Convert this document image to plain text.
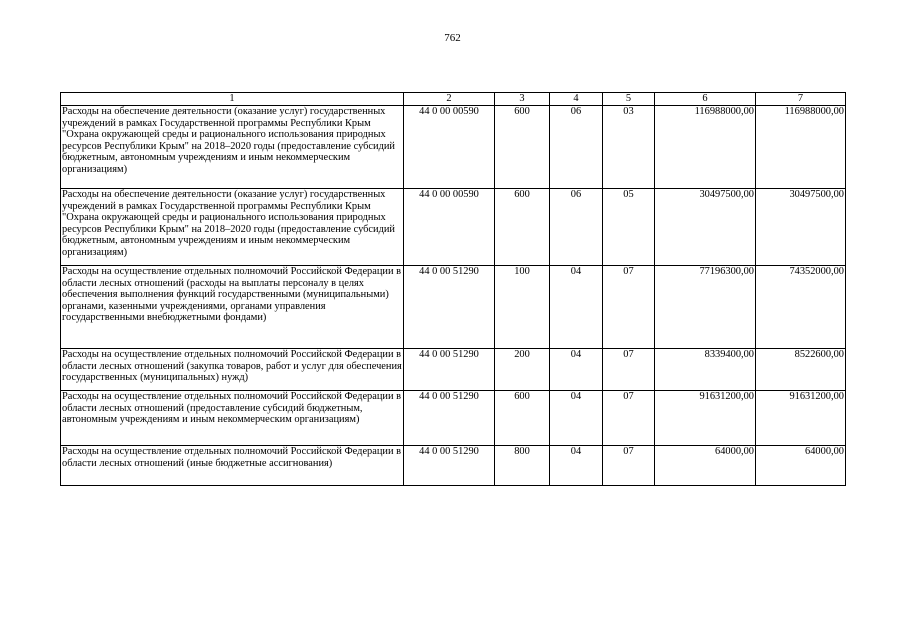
762
1	2	3	4	5	6	7
Расходы на обеспечение деятельности (оказание услуг) государственных учреждений в рамках Государственной программы Республики Крым "Охрана окружающей среды и рационального использования природных ресурсов Республики Крым" на 2018–2020 годы (предоставление субсидий бюджетным, автономным учреждениям и иным некоммерческим организациям)	44 0 00 00590	600	06	03	116988000,00	116988000,00
Расходы на обеспечение деятельности (оказание услуг) государственных учреждений в рамках Государственной программы Республики Крым "Охрана окружающей среды и рационального использования природных ресурсов Республики Крым" на 2018–2020 годы (предоставление субсидий бюджетным, автономным учреждениям и иным некоммерческим организациям)	44 0 00 00590	600	06	05	30497500,00	30497500,00
Расходы на осуществление отдельных полномочий Российской Федерации в области лесных отношений (расходы на выплаты персоналу в целях обеспечения выполнения функций государственными (муниципальными) органами, казенными учреждениями, органами управления государственными внебюджетными фондами)	44 0 00 51290	100	04	07	77196300,00	74352000,00
Расходы на осуществление отдельных полномочий Российской Федерации в области лесных отношений (закупка товаров, работ и услуг для обеспечения государственных (муниципальных) нужд)	44 0 00 51290	200	04	07	8339400,00	8522600,00
Расходы на осуществление отдельных полномочий Российской Федерации в области лесных отношений (предоставление субсидий бюджетным, автономным учреждениям и иным некоммерческим организациям)	44 0 00 51290	600	04	07	91631200,00	91631200,00
Расходы на осуществление отдельных полномочий Российской Федерации в области лесных отношений (иные бюджетные ассигнования)	44 0 00 51290	800	04	07	64000,00	64000,00
